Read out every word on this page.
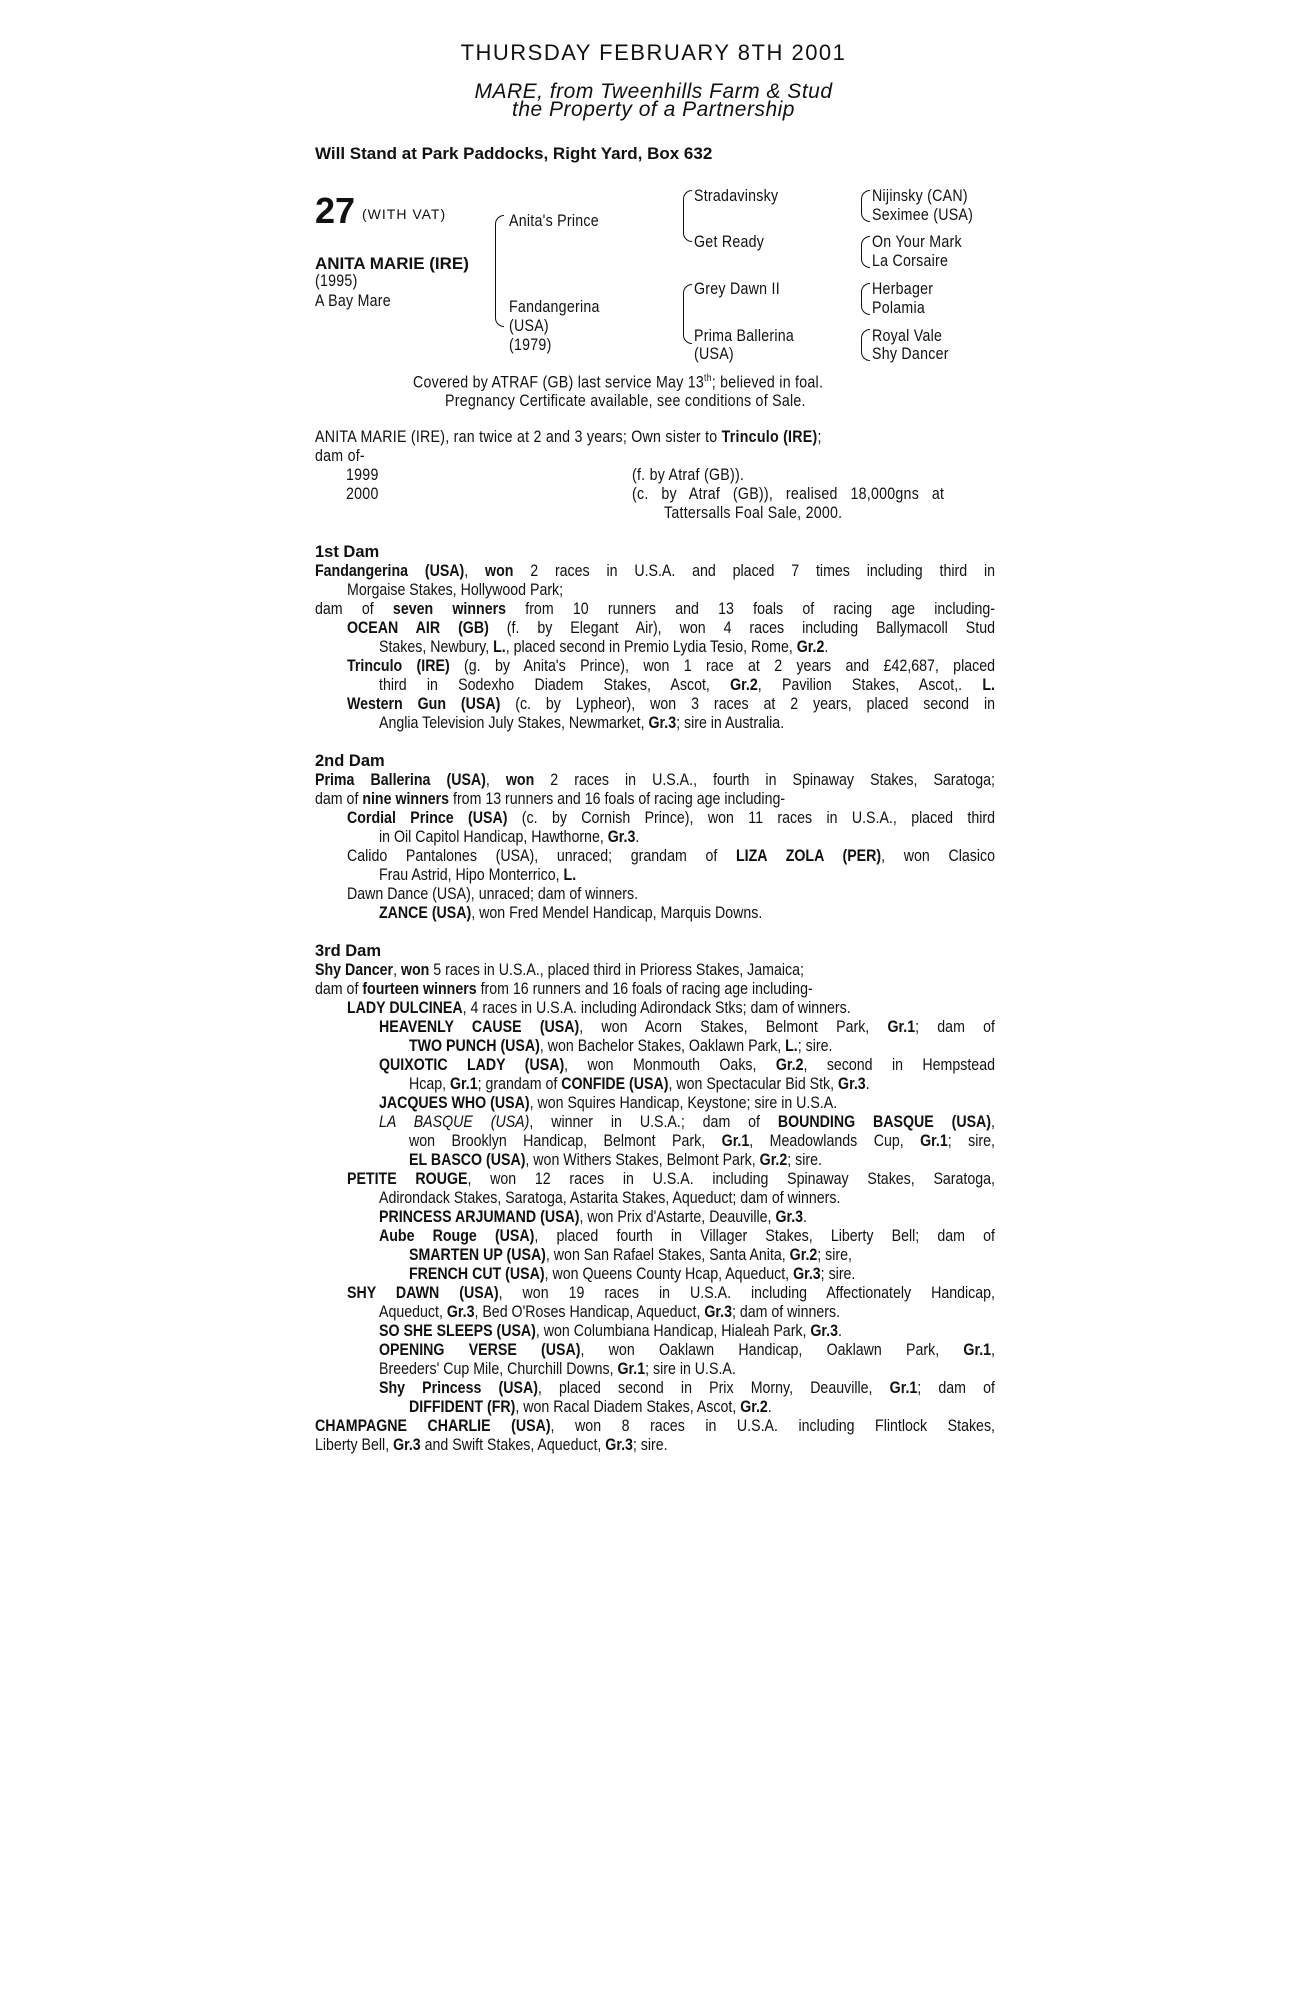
THURSDAY FEBRUARY 8TH 2001
MARE, from Tweenhills Farm & Stud
the Property of a Partnership
Will Stand at Park Paddocks, Right Yard, Box 632
27 (WITH VAT)
ANITA MARIE (IRE)
(1995)
A Bay Mare
Anita's Prince
Fandangerina
(USA)
(1979)
Stradavinsky
Get Ready
Grey Dawn II
Prima Ballerina
(USA)
Nijinsky (CAN)
Seximee (USA)
On Your Mark
La Corsaire
Herbager
Polamia
Royal Vale
Shy Dancer
Covered by ATRAF (GB) last service May 13th; believed in foal.
Pregnancy Certificate available, see conditions of Sale.
ANITA MARIE (IRE), ran twice at 2 and 3 years; Own sister to Trinculo (IRE);
dam of-
1999	(f. by Atraf (GB)).
2000	(c. by Atraf (GB)), realised 18,000gns at
Tattersalls Foal Sale, 2000.
1st Dam
Fandangerina (USA), won 2 races in U.S.A. and placed 7 times including third in
Morgaise Stakes, Hollywood Park;
dam of seven winners from 10 runners and 13 foals of racing age including-
OCEAN AIR (GB) (f. by Elegant Air), won 4 races including Ballymacoll Stud
Stakes, Newbury, L., placed second in Premio Lydia Tesio, Rome, Gr.2.
Trinculo (IRE) (g. by Anita's Prince), won 1 race at 2 years and £42,687, placed
third in Sodexho Diadem Stakes, Ascot, Gr.2, Pavilion Stakes, Ascot,. L.
Western Gun (USA) (c. by Lypheor), won 3 races at 2 years, placed second in
Anglia Television July Stakes, Newmarket, Gr.3; sire in Australia.
2nd Dam
Prima Ballerina (USA), won 2 races in U.S.A., fourth in Spinaway Stakes, Saratoga;
dam of nine winners from 13 runners and 16 foals of racing age including-
Cordial Prince (USA) (c. by Cornish Prince), won 11 races in U.S.A., placed third
in Oil Capitol Handicap, Hawthorne, Gr.3.
Calido Pantalones (USA), unraced; grandam of LIZA ZOLA (PER), won Clasico
Frau Astrid, Hipo Monterrico, L.
Dawn Dance (USA), unraced; dam of winners.
ZANCE (USA), won Fred Mendel Handicap, Marquis Downs.
3rd Dam
Shy Dancer, won 5 races in U.S.A., placed third in Prioress Stakes, Jamaica;
dam of fourteen winners from 16 runners and 16 foals of racing age including-
LADY DULCINEA, 4 races in U.S.A. including Adirondack Stks; dam of winners.
HEAVENLY CAUSE (USA), won Acorn Stakes, Belmont Park, Gr.1; dam of
TWO PUNCH (USA), won Bachelor Stakes, Oaklawn Park, L.; sire.
QUIXOTIC LADY (USA), won Monmouth Oaks, Gr.2, second in Hempstead
Hcap, Gr.1; grandam of CONFIDE (USA), won Spectacular Bid Stk, Gr.3.
JACQUES WHO (USA), won Squires Handicap, Keystone; sire in U.S.A.
LA BASQUE (USA), winner in U.S.A.; dam of BOUNDING BASQUE (USA),
won Brooklyn Handicap, Belmont Park, Gr.1, Meadowlands Cup, Gr.1; sire,
EL BASCO (USA), won Withers Stakes, Belmont Park, Gr.2; sire.
PETITE ROUGE, won 12 races in U.S.A. including Spinaway Stakes, Saratoga,
Adirondack Stakes, Saratoga, Astarita Stakes, Aqueduct; dam of winners.
PRINCESS ARJUMAND (USA), won Prix d'Astarte, Deauville, Gr.3.
Aube Rouge (USA), placed fourth in Villager Stakes, Liberty Bell; dam of
SMARTEN UP (USA), won San Rafael Stakes, Santa Anita, Gr.2; sire,
FRENCH CUT (USA), won Queens County Hcap, Aqueduct, Gr.3; sire.
SHY DAWN (USA), won 19 races in U.S.A. including Affectionately Handicap,
Aqueduct, Gr.3, Bed O'Roses Handicap, Aqueduct, Gr.3; dam of winners.
SO SHE SLEEPS (USA), won Columbiana Handicap, Hialeah Park, Gr.3.
OPENING VERSE (USA), won Oaklawn Handicap, Oaklawn Park, Gr.1,
Breeders' Cup Mile, Churchill Downs, Gr.1; sire in U.S.A.
Shy Princess (USA), placed second in Prix Morny, Deauville, Gr.1; dam of
DIFFIDENT (FR), won Racal Diadem Stakes, Ascot, Gr.2.
CHAMPAGNE CHARLIE (USA), won 8 races in U.S.A. including Flintlock Stakes,
Liberty Bell, Gr.3 and Swift Stakes, Aqueduct, Gr.3; sire.
